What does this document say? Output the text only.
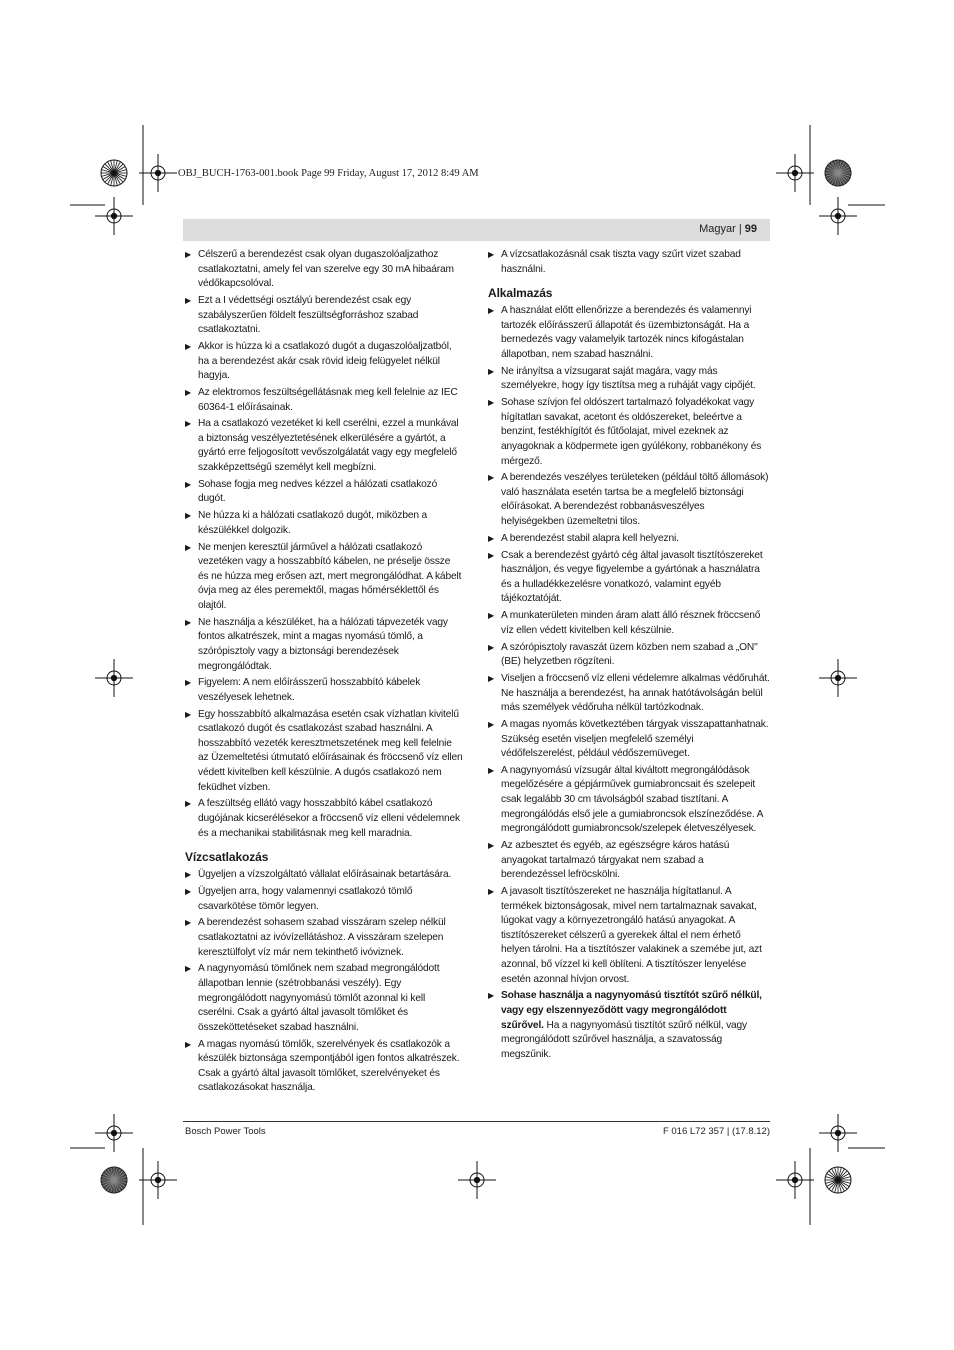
OBJ_BUCH-1763-001.book Page 99 Friday, August 17, 2012 8:49 AM
Magyar | 99
▶ Célszerű a berendezést csak olyan dugaszolóaljzathoz csatlakoztatni, amely fel van szerelve egy 30 mA hibaáram védőkapcsolóval.
▶ Ezt a I védettségi osztályú berendezést csak egy szabályszerűen földelt feszültségforráshoz szabad csatlakoztatni.
▶ Akkor is húzza ki a csatlakozó dugót a dugaszolóaljzatból, ha a berendezést akár csak rövid ideig felügyelet nélkül hagyja.
▶ Az elektromos feszültségellátásnak meg kell felelnie az IEC 60364-1 előírásainak.
▶ Ha a csatlakozó vezetéket ki kell cserélni, ezzel a munkával a biztonság veszélyeztetésének elkerülésére a gyártót, a gyártó erre feljogosított vevőszolgálatát vagy egy megfelelő szakképzettségű személyt kell megbízni.
▶ Sohase fogja meg nedves kézzel a hálózati csatlakozó dugót.
▶ Ne húzza ki a hálózati csatlakozó dugót, miközben a készülékkel dolgozik.
▶ Ne menjen keresztül járművel a hálózati csatlakozó vezetéken vagy a hosszabbító kábelen, ne préselje össze és ne húzza meg erősen azt, mert megrongálódhat. A kábelt óvja meg az éles peremektől, magas hőmérséklettől és olajtól.
▶ Ne használja a készüléket, ha a hálózati tápvezeték vagy fontos alkatrészek, mint a magas nyomású tömlő, a szórópisztoly vagy a biztonsági berendezések megrongálódtak.
▶ Figyelem: A nem előírásszerű hosszabbító kábelek veszélyesek lehetnek.
▶ Egy hosszabbító alkalmazása esetén csak vízhatlan kivitelű csatlakozó dugót és csatlakozást szabad használni. A hosszabbító vezeték keresztmetszetének meg kell felelnie az Üzemeltetési útmutató előírásainak és fröccsenő víz ellen védett kivitelben kell készülnie. A dugós csatlakozó nem feküdhet vízben.
▶ A feszültség ellátó vagy hosszabbító kábel csatlakozó dugójának kicserélésekor a fröccsenő víz elleni védelemnek és a mechanikai stabilitásnak meg kell maradnia.
Vízcsatlakozás
▶ Ügyeljen a vízszolgáltató vállalat előírásainak betartására.
▶ Ügyeljen arra, hogy valamennyi csatlakozó tömlő csavarkötése tömör legyen.
▶ A berendezést sohasem szabad visszáram szelep nélkül csatlakoztatni az ivóvízellátáshoz. A visszáram szelepen keresztülfolyt víz már nem tekinthető ivóviznek.
▶ A nagynyomású tömlőnek nem szabad megrongálódott állapotban lennie (szétrobbanási veszély). Egy megrongálódott nagynyomású tömlőt azonnal ki kell cserélni. Csak a gyártó által javasolt tömlőket és összeköttetéseket szabad használni.
▶ A magas nyomású tömlők, szerelvények és csatlakozók a készülék biztonsága szempontjából igen fontos alkatrészek. Csak a gyártó által javasolt tömlőket, szerelvényeket és csatlakozásokat használja.
▶ A vízcsatlakozásnál csak tiszta vagy szűrt vizet szabad használni.
Alkalmazás
▶ A használat előtt ellenőrizze a berendezés és valamennyi tartozék előírásszerű állapotát és üzembiztonságát. Ha a bernedezés vagy valamelyik tartozék nincs kifogástalan állapotban, nem szabad használni.
▶ Ne irányítsa a vízsugarat saját magára, vagy más személyekre, hogy így tisztítsa meg a ruháját vagy cipőjét.
▶ Sohase szívjon fel oldószert tartalmazó folyadékokat vagy hígítatlan savakat, acetont és oldószereket, beleértve a benzint, festékhígítót és fűtőolajat, mivel ezeknek az anyagoknak a ködpermete igen gyúlékony, robbanékony és mérgező.
▶ A berendezés veszélyes területeken (például töltő állomások) való használata esetén tartsa be a megfelelő biztonsági előírásokat. A berendezést robbanásveszélyes helyiségekben üzemeltetni tilos.
▶ A berendezést stabil alapra kell helyezni.
▶ Csak a berendezést gyártó cég által javasolt tisztítószereket használjon, és vegye figyelembe a gyártónak a használatra és a hulladékkezelésre vonatkozó, valamint egyéb tájékoztatóját.
▶ A munkaterületen minden áram alatt álló résznek fröccsenő víz ellen védett kivitelben kell készülnie.
▶ A szórópisztoly ravaszát üzem közben nem szabad a „ON" (BE) helyzetben rögzíteni.
▶ Viseljen a fröccsenő víz elleni védelemre alkalmas védőruhát. Ne használja a berendezést, ha annak hatótávolságán belül más személyek védőruha nélkül tartózkodnak.
▶ A magas nyomás következtében tárgyak visszapattanhatnak. Szükség esetén viseljen megfelelő személyi védőfelszerelést, például védőszemüveget.
▶ A nagynyomású vízsugár által kiváltott megrongálódások megelőzésére a gépjárművek gumiabroncsait és szelepeit csak legalább 30 cm távolságból szabad tisztítani. A megrongálódás első jele a gumiabroncsok elszíneződése. A megrongálódott gumiabroncsok/szelepek életveszélyesek.
▶ Az azbesztet és egyéb, az egészségre káros hatású anyagokat tartalmazó tárgyakat nem szabad a berendezéssel lefröcskölni.
▶ A javasolt tisztítószereket ne használja hígítatlanul. A termékek biztonságosak, mivel nem tartalmaznak savakat, lúgokat vagy a környezetrongáló hatású anyagokat. A tisztítószereket célszerű a gyerekek által el nem érhető helyen tárolni. Ha a tisztítószer valakinek a szemébe jut, azt azonnal, bő vízzel ki kell öblíteni. A tisztítószer lenyelése esetén azonnal hívjon orvost.
▶ Sohase használja a nagynyomású tisztítót szűrő nélkül, vagy egy elszennyeződött vagy megrongálódott szűrővel. Ha a nagynyomású tisztítót szűrő nélkül, vagy megrongálódott szűrővel használja, a szavatosság megszűnik.
Bosch Power Tools	F 016 L72 357 | (17.8.12)
